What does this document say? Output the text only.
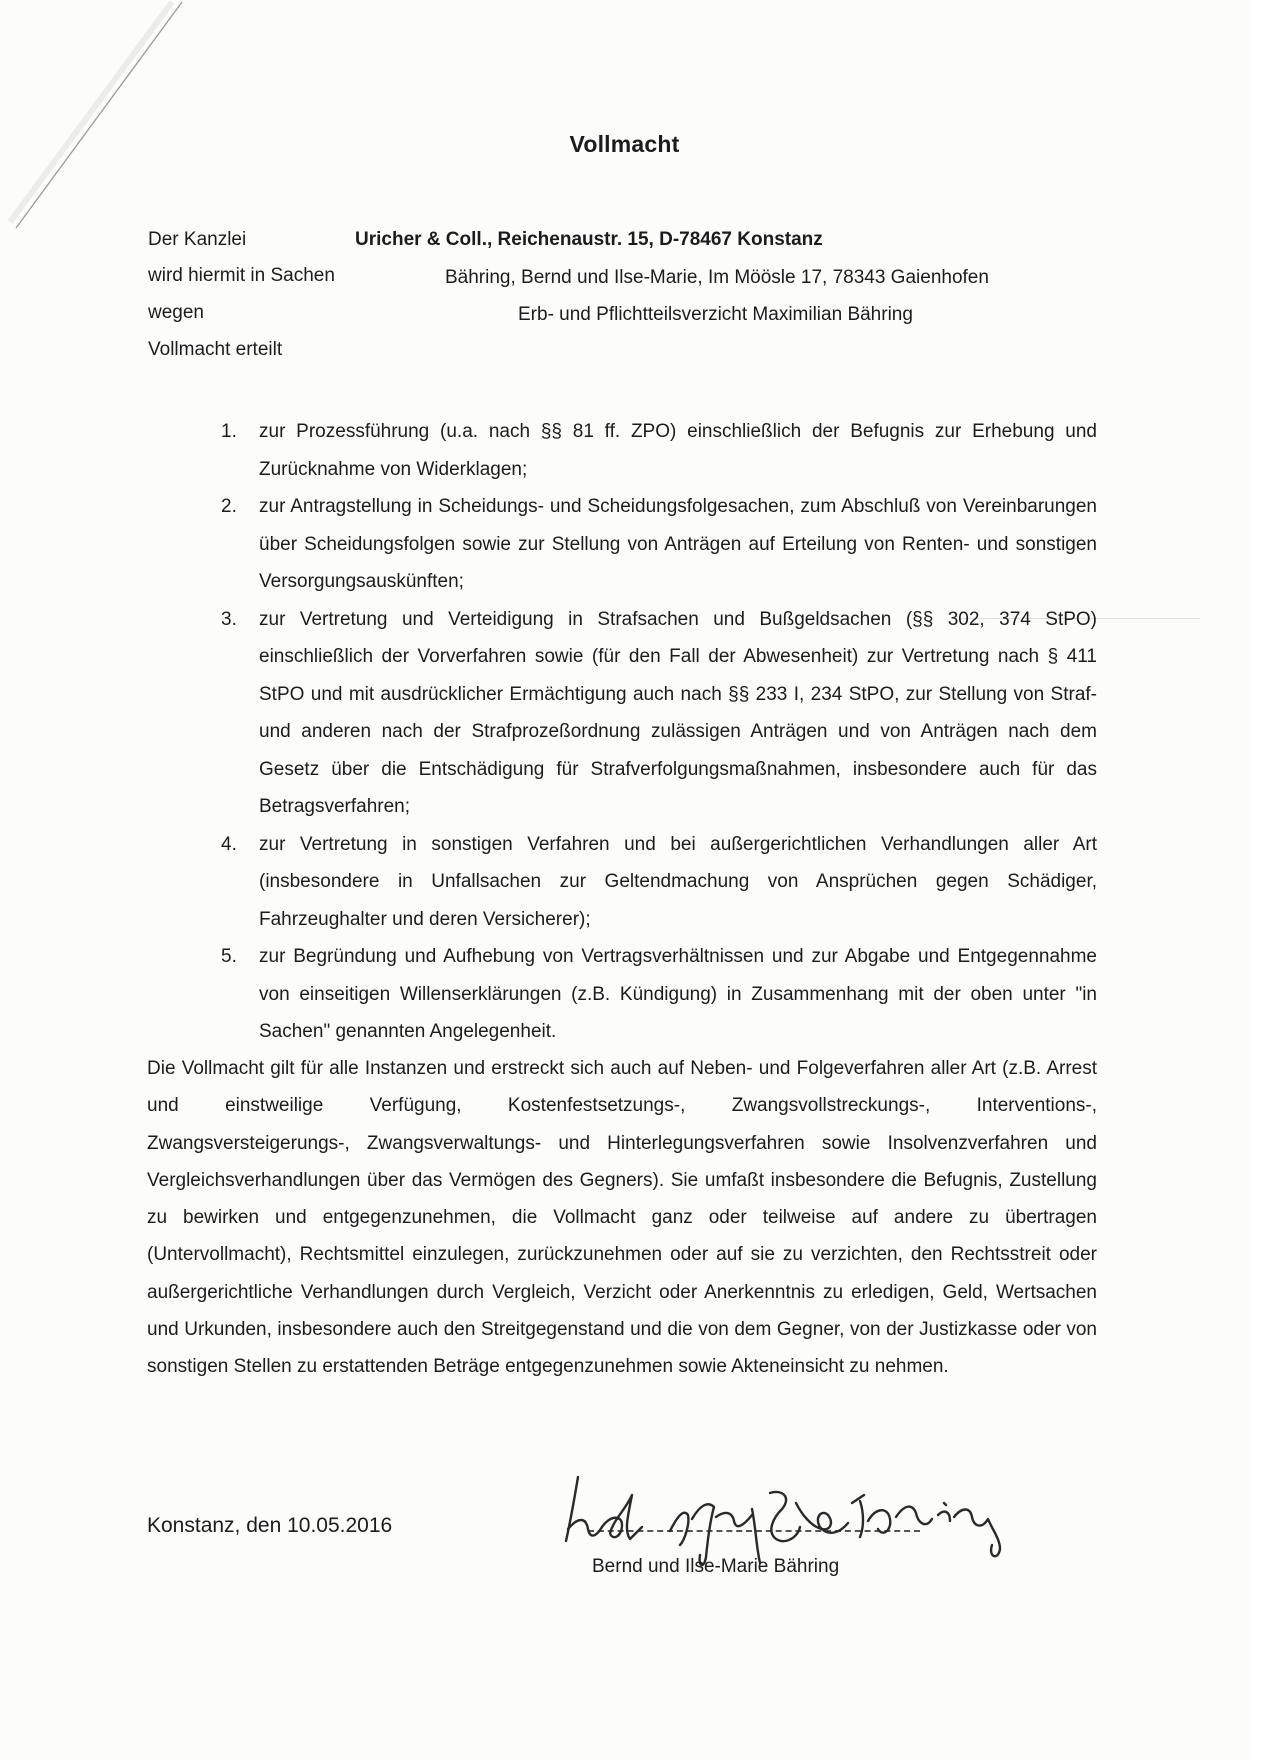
Vollmacht
Der Kanzlei	Uricher & Coll., Reichenaustr. 15, D-78467 Konstanz
wird hiermit in Sachen	Bähring, Bernd und Ilse-Marie, Im Möösle 17, 78343 Gaienhofen
wegen	Erb- und Pflichtteilsverzicht Maximilian Bähring
Vollmacht erteilt
1.	zur Prozessführung (u.a. nach §§ 81 ff. ZPO) einschließlich der Befugnis zur Erhebung und Zurücknahme von Widerklagen;
2.	zur Antragstellung in Scheidungs- und Scheidungsfolgesachen, zum Abschluß von Vereinbarungen über Scheidungsfolgen sowie zur Stellung von Anträgen auf Erteilung von Renten- und sonstigen Versorgungsauskünften;
3.	zur Vertretung und Verteidigung in Strafsachen und Bußgeldsachen (§§ 302, 374 StPO) einschließlich der Vorverfahren sowie (für den Fall der Abwesenheit) zur Vertretung nach § 411 StPO und mit ausdrücklicher Ermächtigung auch nach §§ 233 I, 234 StPO, zur Stellung von Straf- und anderen nach der Strafprozeßordnung zulässigen Anträgen und von Anträgen nach dem Gesetz über die Entschädigung für Strafverfolgungsmaßnahmen, insbesondere auch für das Betragsverfahren;
4.	zur Vertretung in sonstigen Verfahren und bei außergerichtlichen Verhandlungen aller Art (insbesondere in Unfallsachen zur Geltendmachung von Ansprüchen gegen Schädiger, Fahrzeughalter und deren Versicherer);
5.	zur Begründung und Aufhebung von Vertragsverhältnissen und zur Abgabe und Entgegennahme von einseitigen Willenserklärungen (z.B. Kündigung) in Zusammenhang mit der oben unter "in Sachen" genannten Angelegenheit.
Die Vollmacht gilt für alle Instanzen und erstreckt sich auch auf Neben- und Folgeverfahren aller Art (z.B. Arrest und einstweilige Verfügung, Kostenfestsetzungs-, Zwangsvollstreckungs-, Interventions-, Zwangsversteigerungs-, Zwangsverwaltungs- und Hinterlegungsverfahren sowie Insolvenzverfahren und Vergleichsverhandlungen über das Vermögen des Gegners). Sie umfaßt insbesondere die Befugnis, Zustellung zu bewirken und entgegenzunehmen, die Vollmacht ganz oder teilweise auf andere zu übertragen (Untervollmacht), Rechtsmittel einzulegen, zurückzunehmen oder auf sie zu verzichten, den Rechtsstreit oder außergerichtliche Verhandlungen durch Vergleich, Verzicht oder Anerkenntnis zu erledigen, Geld, Wertsachen und Urkunden, insbesondere auch den Streitgegenstand und die von dem Gegner, von der Justizkasse oder von sonstigen Stellen zu erstattenden Beträge entgegenzunehmen sowie Akteneinsicht zu nehmen.
Konstanz, den 10.05.2016
Bernd und Ilse-Marie Bähring
